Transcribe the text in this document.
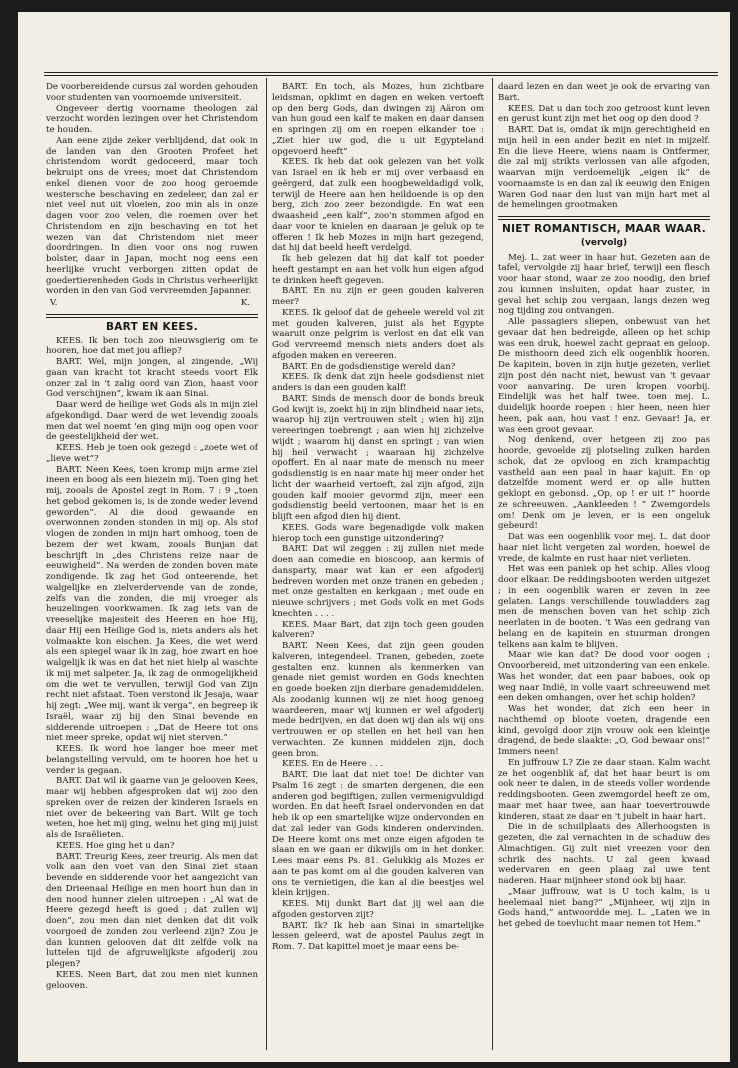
De voorbereidende cursus zal worden gehouden voor studenten van voornoemde universiteit.

Ongeveer dertig voorname theologen zal verzocht worden lezingen over het Christendom te houden.

Aan eene zijde zeker verblijdend, dat ook in de landen van den Grooten Profeet het christendom wordt gedoceerd, maar toch bekruipt ons de vrees; moet dat Christendom enkel dienen voor de zoo hoog geroemde westersche beschaving en zedeleer, dan zal er niet veel nut uit vloeien, zoo min als in onze dagen voor zoo velen, die roemen over het Christendom en zijn beschaving en tot het wezen van dat Christendom niet meer doordringen. In dien voor ons nog ruwen bolster, daar in Japan, mocht nog eens een heerlijke vrucht verborgen zitten opdat de goedertierenheden Gods in Christus verheerlijkt worden in den van God vervreemden Japanner.

V.	K.
BART EN KEES.

KEES. Ik ben toch zoo nieuwsgierig om te hooren, hoe dat met jou afliep?

BART. Wel, mijn jongen, al zingende, „Wij gaan van kracht tot kracht steeds voort Elk onzer zal in 't zalig oord van Zion, haast voor God verschijnen”, kwam ik aan Sinai.

Daar werd de heilige wet Gods als in mijn ziel afgekondigd. Daar werd de wet levendig zooals men dat wel noemt 'en ging mijn oog open voor de geestelijkheid der wet.

KEES. Heb je toen ook gezegd : „zoete wet of „lieve wet”?

BART. Neen Kees, toen kromp mijn arme ziel ineen en boog als een biezein mij. Toen ging het mij, zooals de Apostel zegt in Rom. 7 : 9 „toen het gebod gekomen is, is de zonde weder levend geworden”. Al die dood gewaande en overwonnen zonden stonden in mij op. Als stof vlogen de zonden in mijn hart omhoog, toen de bezem der wet kwam, zooals Bunjan dat beschrijft in „des Christens reize naar de eeuwigheid”. Na werden de zonden boven mate zondigende. Ik zag het God onteerende, het walgelijke en zielverdervende van de zonde, zelfs van die zonden, die mij vroeger als heuzelingen voorkwamen. Ik zag iets van de vreeselijke majesteit des Heeren en hoe Hij, daar Hij een Heilige God is, niets anders als het volmaakte kon eischen. Ja Kees, die wet werd als een spiegel waar ik in zag, hoe zwart en hoe walgelijk ik was en dat het niet hielp al waschte ik mij met salpeter. Ja, ik zag de onmogelijkheid om die wet te vervullen, terwijl God van Zijn recht niet afstaat. Toen verstond ik Jesaja, waar hij zegt: „Wee mij, want ik verga”, en begreep ik Israël, waar zij bij den Sinai bevende en sidderende uitroepen : „Dat de Heere tot ons niet meer spreke, opdat wij niet sterven.”

KEES. Ik word hoe langer hoe meer met belangstelling vervuld, om te hooren hoe het u verder is gegaan.

BART. Dat wil ik gaarne van je gelooven Kees, maar wij hebben afgesproken dat wij zoo den spreken over de reizen der kinderen Israels en niet over de bekeering van Bart. Wilt ge toch weten, hoe het mij ging, welnu het ging mij juist als de Israëlieten.

KEES. Hoe ging het u dan?

BART. Treurig Kees, zeer treurig. Als men dat volk aan den voet van den Sinai ziet staan bevende en sidderende voor het aangezicht van den Drieenaal Heilige en men hoort hun dan in den nood hunner zielen uitroepen : „Al wat de Heere gezegd heeft is goed ; dat zullen wij doen”, zou men dan niet denken dat dit volk voorgoed de zonden zou verleend zijn? Zou je dan kunnen gelooven dat dit zelfde volk na luttelen tijd de afgruwelijkste afgoderij zou plegen?

KEES. Neen Bart, dat zou men niet kunnen gelooven.

BART. En toch, als Mozes, hun zichtbare leidsman, opklimt en dagen en weken vertoeft op den berg Gods, dan dwingen zij Aäron om van hun goud een kalf te maken en daar dansen en springen zij om en roepen elkander toe : „Ziet hier uw god, die u uit Egypteland opgevoerd heeft”

KEES. Ik heb dat ook gelezen van het volk van Israel en ik heb er mij over verbaasd en geërgerd, dat zulk een hoogbeweldadigd volk, terwijl de Heere aan hen heildoende is op den berg, zich zoo zeer bezondigde. En wat een dwaasheid „een kalf”, zoo'n stommen afgod en daar voor te knielen en daaraan je geluk op te offeren ! Ik heb Mozes in mijn hart gezegend, dat hij dat beeld heeft verdelgd.

Ik heb gelezen dat hij dat kalf tot poeder heeft gestampt en aan het volk hun eigen afgod te drinken heeft gegeven.

BART. En nu zijn er geen gouden kalveren meer?

KEES. Ik geloof dat de geheele wereld vol zit met gouden kalveren, juist als het Egypte waaruit onze pelgrim is verlost en dat elk van God vervreemd mensch niets anders doet als afgoden maken en vereeren.

BART. En de godsdienstige wereld dan?

KEES. Ik denk dat zijn heele godsdienst niet anders is dan een gouden kalf!

BART. Sinds de mensch door de bonds breuk God kwijt is, zoekt hij in zijn blindheid naar iets, waarop hij zijn vertrouwen stelt ; wien hij zijn vereeringen toebrengt ; aan wien hij zichzelve wijdt ; waarom hij danst en springt ; van wien hij heil verwacht ; waaraan hij zichzelve opoffert. En al naar mate de mensch nu meer godsdienstig is en naar mate hij meer onder het licht der waarheid vertoeft, zal zijn afgod, zijn gouden kalf mooier gevormd zijn, meer een godsdienstig beeld vertoonen, maar het is en blijft een afgod dien hij dient.

KEES. Gods ware begenadigde volk maken hierop toch een gunstige uitzondering?

BART. Dat wil zeggen : zij zullen niet mede doen aan comedie en bioscoop, aan kermis of dansparty, maar wat kan er een afgoderij bedreven worden met onze tranen en gebeden ; met onze gestalten en kerkgaan ; met oude en nieuwe schrijvers ; met Gods volk en met Gods knechten . . . .

KEES. Maar Bart, dat zijn toch geen gouden kalveren?

BART. Neen Kees, dat zijn geen gouden kalveren, integendeel. Tranen, gebeden, zoete gestalten enz. kunnen als kenmerken van genade niet gemist worden en Gods knechten en goede boeken zijn dierbare genademiddelen. Als zoodanig kunnen wij ze niet hoog genoeg waardeeren, maar wij kunnen er wel afgoderij mede bedrijven, en dat doen wij dan als wij ons vertrouwen er op stellen en het heil van hen verwachten. Ze kunnen middelen zijn, doch geen bron.

KEES. En de Heere . . .

BART. Die laat dat niet toe! De dichter van Psalm 16 zegt : de smarten dergenen, die een anderen god begiftigen, zullen vermenigvuldigd worden. En dat heeft Israel ondervonden en dat heb ik op een smartelijke wijze ondervonden en dat zal ieder van Gods kinderen ondervinden. De Heere komt ons met onze eigen afgoden te slaan en we gaan er dikwijls om in het donker. Lees maar eens Ps. 81. Gelukkig als Mozes er aan te pas komt om al die gouden kalveren van ons te vernietigen, die kan al die beestjes wel klein krijgen.

KEES. Mij dunkt Bart dat jij wel aan die afgoden gestorven zijt?

BART. Ik? Ik heb aan Sinai in smartelijke lessen geleerd, wat de apostel Paulus zegt in Rom. 7. Dat kapittel moet je maar eens be-

daard lezen en dan weet je ook de ervaring van Bart.

KEES. Dat u dan toch zoo getroost kunt leven en gerust kunt zijn met het oog op den dood ?

BART. Dat is, omdat ik mijn gerechtigheid en mijn heil in een ander bezit en niet in mijzelf. En die lieve Heere, wiens naam is Ontfermer, die zal mij strikts verlossen van alle afgoden, waarvan mijn verdoemelijk „eigen ik” de voornaamste is en dan zal ik eeuwig den Enigen Waren God naar den lust van mijn hart met al de hemelingen grootmaken

NIET ROMANTISCH, MAAR WAAR.
(vervolg)

Mej. L. zat weer in haar hut. Gezeten aan de tafel, vervolgde zij haar brief, terwijl een flesch voor haar stond, waar ze zoo noodig, den brief zou kunnen insluiten, opdat haar zuster, in geval het schip zou vergaan, langs dezen weg nog tijding zou ontvangen.

Alle passagiers sliepen, onbewust van het gevaar dat hen bedreigde, alleen op het schip was een druk, hoewel zacht gepraat en geloop. De misthoorn deed zich elk oogenblik hooren. De kapitein, boven in zijn hutje gezeten, verliet zijn post dén nacht niet, bewust van 't gevaar voor aanvaring. De uren kropen voorbij. Eindelijk was het half twee. toen mej. L. duidelijk hoorde roepen : hier heen, neen hier heen, pak aan, hou vast ! enz. Gevaar! Ja, er was een groot gevaar.

Nog denkend, over hetgeen zij zoo pas hoorde, gevoelde zij plotseling zulken harden schok, dat ze opvloog en zich krampachtig vastheld aan een paal in haar kajuit. En op datzelfde moment werd er op alle hutten geklopt en gebonsd. „Op, op ! er uit !” hoorde ze schreeuwen. „Aankleeden ! ” Zwemgordels om! Denk om je leven, er is een ongeluk gebeurd!

Dat was een oogenblik voor mej. L. dat door haar niet licht vergeten zal worden, hoewel de vrede, de kalmte en rust haar niet verlieten.

Het was een paniek op het schip. Alles vloog door elkaar. De reddingsbooten werden uitgezet ; in een oogenblik waren er zeven in zee gelaten. Langs verschillende touwladders zag men de menschen boven van het schip zich neerlaten in de booten. 't Was een gedrang van belang en de kapitein en stuurman drongen telkens aan kalm te blijven.

Maar wie kan dat? De dood voor oogen ; Onvoorbereid, met uitzondering van een enkele. Was het wonder, dat een paar baboes, ook op weg naar Indië, in volle vaart schreeuwend met een deken omhangen, over het schip holden?

Was het wonder, dat zich een heer in nachthemd op bloote voeten, dragende een kind, gevolgd door zijn vrouw ook een kleintje dragend, de bede slaakte: „O, God bewaar ons!” Immers neen!

En juffrouw L? Zie ze daar staan. Kalm wacht ze het oogenblik af, dat het haar beurt is om ook neer te dalen, in de steeds voller wordende reddingsbooten. Geen zwemgordel heeft ze om, maar met haar twee, aan haar toevertrouwde kinderen, staat ze daar en 't jubelt in haar hart.

Die in de schuilplaats des Allerhoogsten is gezeten, die zal vernachten in de schaduw des Almachtigen. Gij zult niet vreezen voor den schrik des nachts. U zal geen kwaad wedervaren en geen plaag zal uwe tent naderen. Haar mijnheer stond ook bij haar.

„Maar juffrouw, wat is U toch kalm, is u heelemaal niet bang?” „Mijnheer, wij zijn in Gods hand,” antwoordde mej. L. „Laten we in het gebed de toevlucht maar nemen tot Hem.”
